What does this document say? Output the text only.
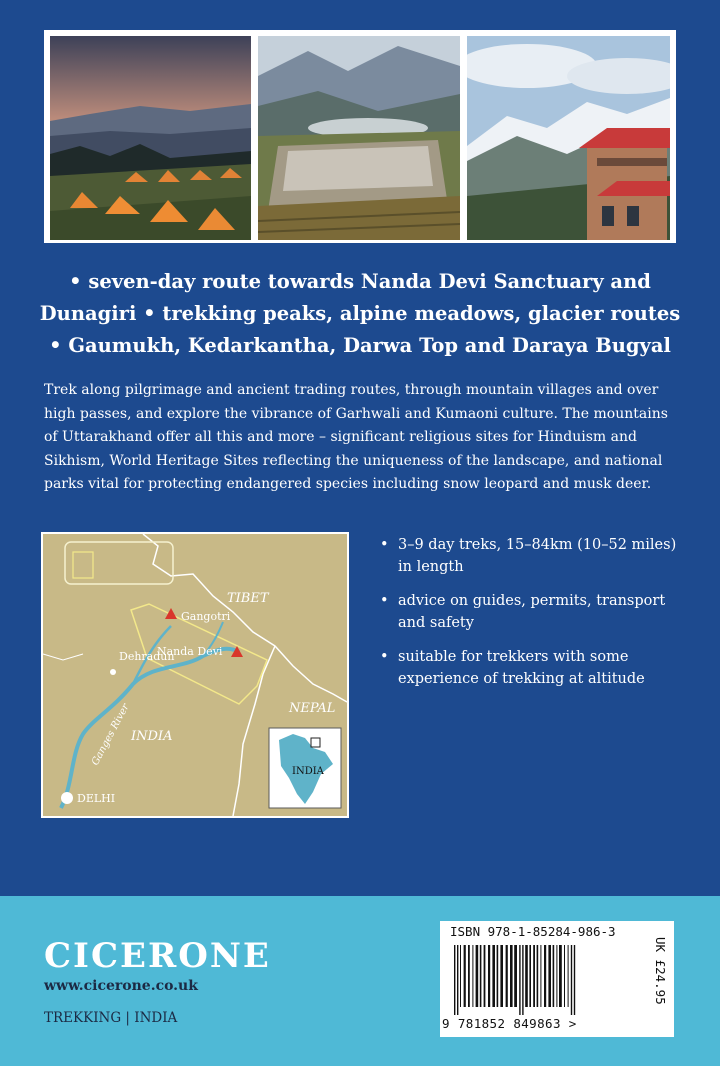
• seven-day route towards Nanda Devi Sanctuary and
Dunagiri • trekking peaks, alpine meadows, glacier routes
• Gaumukh, Kedarkantha, Darwa Top and Daraya Bugyal
Trek along pilgrimage and ancient trading routes, through mountain villages and over high passes, and explore the vibrance of Garhwali and Kumaoni culture. The mountains of Uttarakhand offer all this and more – significant religious sites for Hinduism and Sikhism, World Heritage Sites reflecting the uniqueness of the landscape, and national parks vital for protecting endangered species including snow leopard and musk deer.
TIBET
Gangotri
Nanda Devi
Dehradun
Ganges River INDIA
NEPAL
DELHI
INDIA
• 3–9 day treks, 15–84km (10–52 miles) in length
• advice on guides, permits, transport and safety
• suitable for trekkers with some experience of trekking at altitude
CICERONE
www.cicerone.co.uk
TREKKING | INDIA
ISBN 978-1-85284-986-3
9 781852 849863 >
UK £24.95
